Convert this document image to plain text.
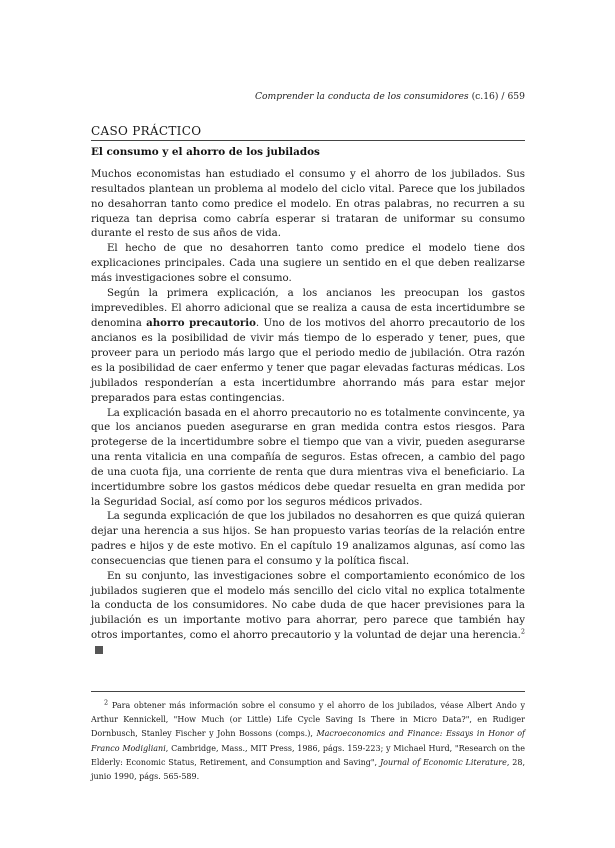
Comprender la conducta de los consumidores (c.16) / 659
CASO PRÁCTICO
El consumo y el ahorro de los jubilados

Muchos economistas han estudiado el consumo y el ahorro de los jubilados. Sus resultados plantean un problema al modelo del ciclo vital. Parece que los jubilados no desahorran tanto como predice el modelo. En otras palabras, no recurren a su riqueza tan deprisa como cabría esperar si trataran de uniformar su consumo durante el resto de sus años de vida.

El hecho de que no desahorren tanto como predice el modelo tiene dos explicaciones principales. Cada una sugiere un sentido en el que deben realizarse más investigaciones sobre el consumo.

Según la primera explicación, a los ancianos les preocupan los gastos imprevedibles. El ahorro adicional que se realiza a causa de esta incertidumbre se denomina ahorro precautorio. Uno de los motivos del ahorro precautorio de los ancianos es la posibilidad de vivir más tiempo de lo esperado y tener, pues, que proveer para un periodo más largo que el periodo medio de jubilación. Otra razón es la posibilidad de caer enfermo y tener que pagar elevadas facturas médicas. Los jubilados responderían a esta incertidumbre ahorrando más para estar mejor preparados para estas contingencias.

La explicación basada en el ahorro precautorio no es totalmente convincente, ya que los ancianos pueden asegurarse en gran medida contra estos riesgos. Para protegerse de la incertidumbre sobre el tiempo que van a vivir, pueden asegurarse una renta vitalicia en una compañía de seguros. Estas ofrecen, a cambio del pago de una cuota fija, una corriente de renta que dura mientras viva el beneficiario. La incertidumbre sobre los gastos médicos debe quedar resuelta en gran medida por la Seguridad Social, así como por los seguros médicos privados.

La segunda explicación de que los jubilados no desahorren es que quizá quieran dejar una herencia a sus hijos. Se han propuesto varias teorías de la relación entre padres e hijos y de este motivo. En el capítulo 19 analizamos algunas, así como las consecuencias que tienen para el consumo y la política fiscal.

En su conjunto, las investigaciones sobre el comportamiento económico de los jubilados sugieren que el modelo más sencillo del ciclo vital no explica totalmente la conducta de los consumidores. No cabe duda de que hacer previsiones para la jubilación es un importante motivo para ahorrar, pero parece que también hay otros importantes, como el ahorro precautorio y la voluntad de dejar una herencia.$^2$

$^2$ Para obtener más información sobre el consumo y el ahorro de los jubilados, véase Albert Ando y Arthur Kennickell, "How Much (or Little) Life Cycle Saving Is There in Micro Data?", en Rudiger Dornbusch, Stanley Fischer y John Bossons (comps.), Macroeconomics and Finance: Essays in Honor of Franco Modigliani, Cambridge, Mass., MIT Press, 1986, págs. 159-223; y Michael Hurd, "Research on the Elderly: Economic Status, Retirement, and Consumption and Saving", Journal of Economic Literature, 28, junio 1990, págs. 565-589.
